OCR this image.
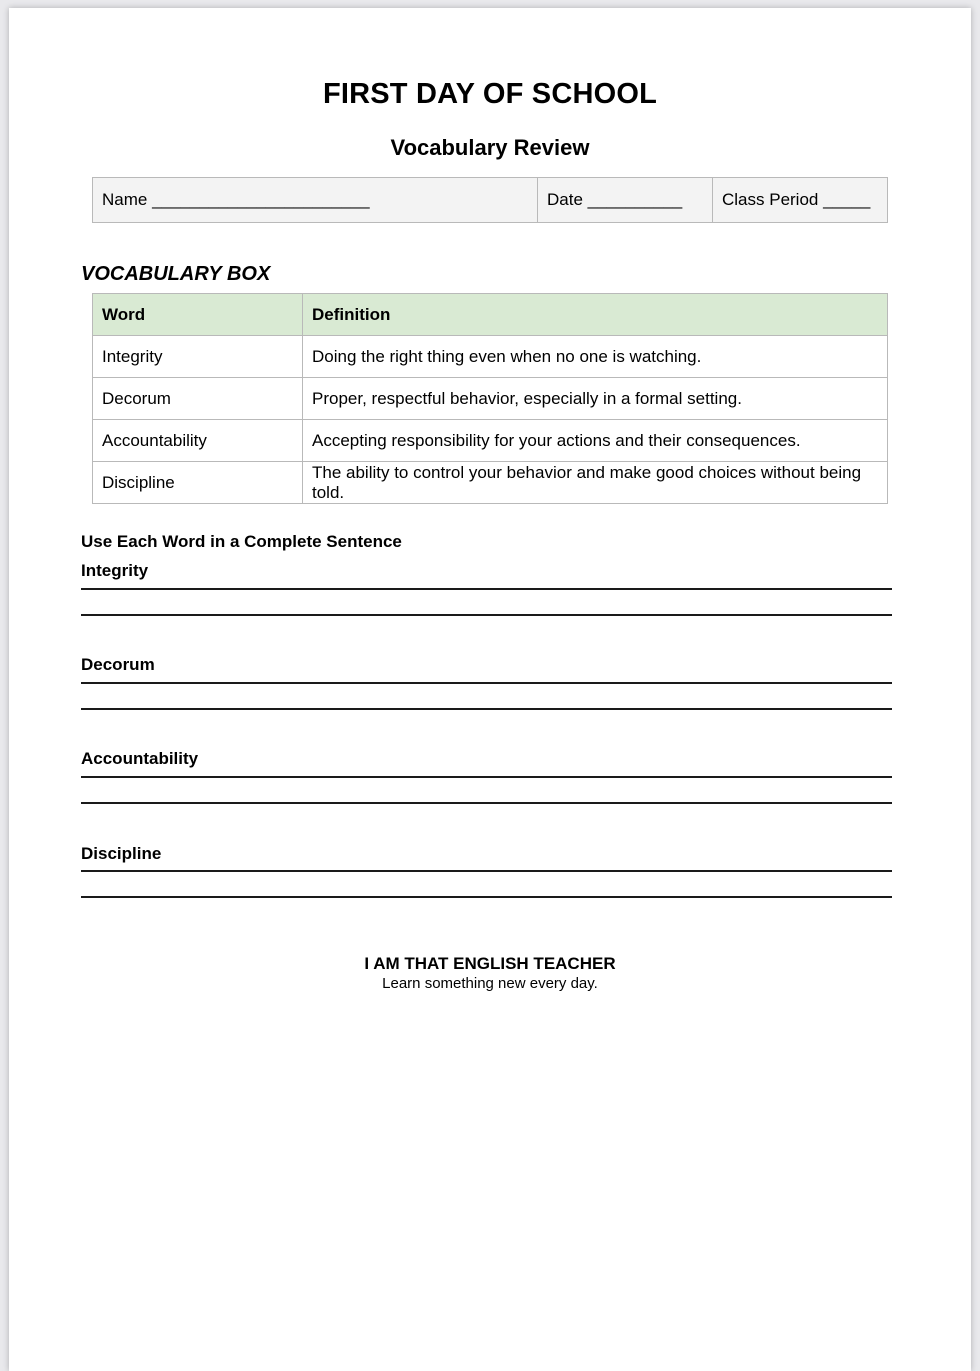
FIRST DAY OF SCHOOL
Vocabulary Review
Name _______________________	Date __________	Class Period _____
VOCABULARY BOX
Word	Definition
Integrity	Doing the right thing even when no one is watching.
Decorum	Proper, respectful behavior, especially in a formal setting.
Accountability	Accepting responsibility for your actions and their consequences.
Discipline	The ability to control your behavior and make good choices without being told.
Use Each Word in a Complete Sentence
Integrity
Decorum
Accountability
Discipline
I AM THAT ENGLISH TEACHER
Learn something new every day.
